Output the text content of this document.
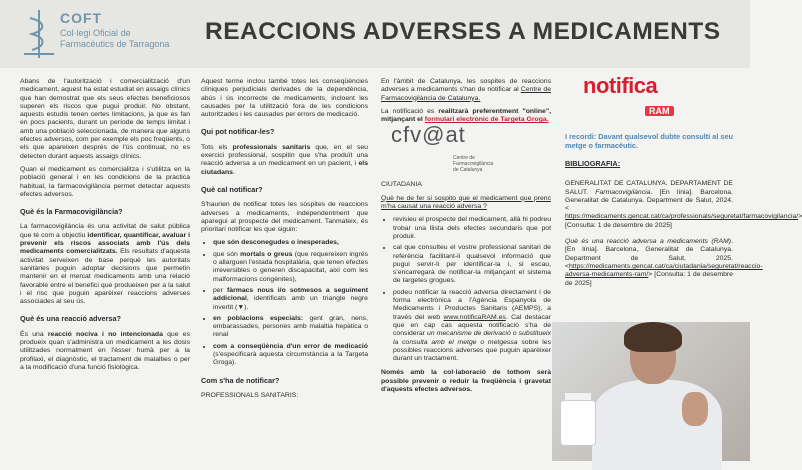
COFT
Col·legi Oficial de
Farmacèutics de Tarragona	REACCIONS ADVERSES A MEDICAMENTS

Abans de l'autorització i comercialització d'un medicament, aquest ha estat estudiat en assaigs clínics que han demostrat que els seus efectes beneficiosos superen els riscos que pugui produir. No obstant, aquests estudis tenen certes limitacions, ja que es fan en pocs pacients, durant un període de temps limitat i amb una població seleccionada, de manera que alguns efectes adversos, com per exemple els poc freqüents, o els que apareixen després de l'ús continuat, no es detecten durant aquests assaigs clínics.

Quan el medicament es comercialitza i s'utilitza en la població general i en les condicions de la pràctica habitual, la farmacovigilància permet detectar aquests efectes adversos.

Què és la Farmacovigilància?

La farmacovigilància és una activitat de salut pública que té com a objectiu identificar, quantificar, avaluar i prevenir els riscos associats amb l'ús dels medicaments comercialitzats. Els resultats d'aquesta activitat serveixen de base perquè les autoritats sanitàries puguin adoptar decisions que permetin mantenir en el mercat medicaments amb una relació favorable entre el benefici que produeixen per a la salut i el risc que puguin aparèixer reaccions adverses associades al seu ús.

Què és una reacció adversa?

És una reacció nociva i no intencionada que es produeix quan s'administra un medicament a les dosis utilitzades normalment en l'ésser humà per a la profilaxi, el diagnòstic, el tractament de malalties o per a la modificació d'una funció fisiològica.

Aquest terme inclou també totes les conseqüències clíniques perjudicials derivades de la dependència, abús i ús incorrecte de medicaments, incloent les causades per la utilització fora de les condicions autoritzades i les causades per errors de medicació.

Qui pot notificar-les?

Tots els professionals sanitaris que, en el seu exercici professional, sospitin que s'ha produït una reacció adversa a un medicament en un pacient, i els ciutadans.

Què cal notificar?

S'haurien de notificar totes les sospites de reaccions adverses a medicaments, independentment que aparegui al prospecte del medicament. Tanmateix, és prioritari notificar les que siguin:

• que són desconegudes o inesperades,
• que són mortals o greus (que requereixen ingrés o allarguen l'estada hospitalària, que tenen efectes irreversibles o generen discapacitat, així com les malformacions congènites),
• per fàrmacs nous i/o sotmesos a seguiment addicional, identificats amb un triangle negre invertit (▼).
• en poblacions especials: gent gran, nens, embarassades, persones amb malaltia hepàtica o renal
• com a conseqüència d'un error de medicació (s'especificarà aquesta circumstància a la Targeta Groga).
Com s'ha de notificar?

PROFESSIONALS SANITARIS:

En l'àmbit de Catalunya, les sospites de reaccions adverses a medicaments s'han de notificar al Centre de Farmacovigilància de Catalunya.

La notificació es realitzarà preferentment "online", mitjançant el formulari electrònic de Targeta Groga.

cfv@at
Centre de
Farmacovigilància
de Catalunya

CIUTADANIA

Què he de fer si sospito que el medicament que prenc m'ha causat una reacció adversa ?

• revisieu el prospecte del medicament, allà hi podreu trobar una llista dels efectes secundaris que pot produir.
• cal que consulteu el vostre professional sanitari de referència facilitant-li qualsevol informació que pugui servir-li per identificar-la i, si escau, s'encarregarà de notificar-la mitjançant el sistema de targetes grogues.
• podeu notificar la reacció adversa directament i de forma electrònica a l'Agència Espanyola de Medicaments i Productes Sanitaris (AEMPS), a través del web www.notificaRAM.es. Cal destacar que en cap cas aquesta notificació s'ha de considerar un mecanisme de derivació o substitueix la consulta amb el metge o metgessa sobre les possibles reaccions adverses que puguin aparèixer durant un tractament.

Només amb la col·laboració de tothom serà possible prevenir o reduir la freqüència i gravetat d'aquests efectes adversos.

notifica
RAM
I recordi: Davant qualsevol dubte consulti al seu metge o farmacèutic.
BIBLIOGRAFIA:

GENERALITAT DE CATALUNYA. DEPARTAMENT DE SALUT. Farmacovigilància. [En línia]. Barcelona. Generalitat de Catalunya. Department de Salut, 2024. < https://medicaments.gencat.cat/ca/professionals/seguretat/farmacovigilancia/> [Consulta: 1 de desembre de 2025]

Què és una reacció adversa a medicaments (RAM). [En línia]. Barcelona, Generalitat de Catalunya. Department de Salut, 2025. <https://medicaments.gencat.cat/ca/ciutadania/seguretat/reaccio-adversa-medicaments-ram/> [Consulta: 1 de desembre de 2025]
